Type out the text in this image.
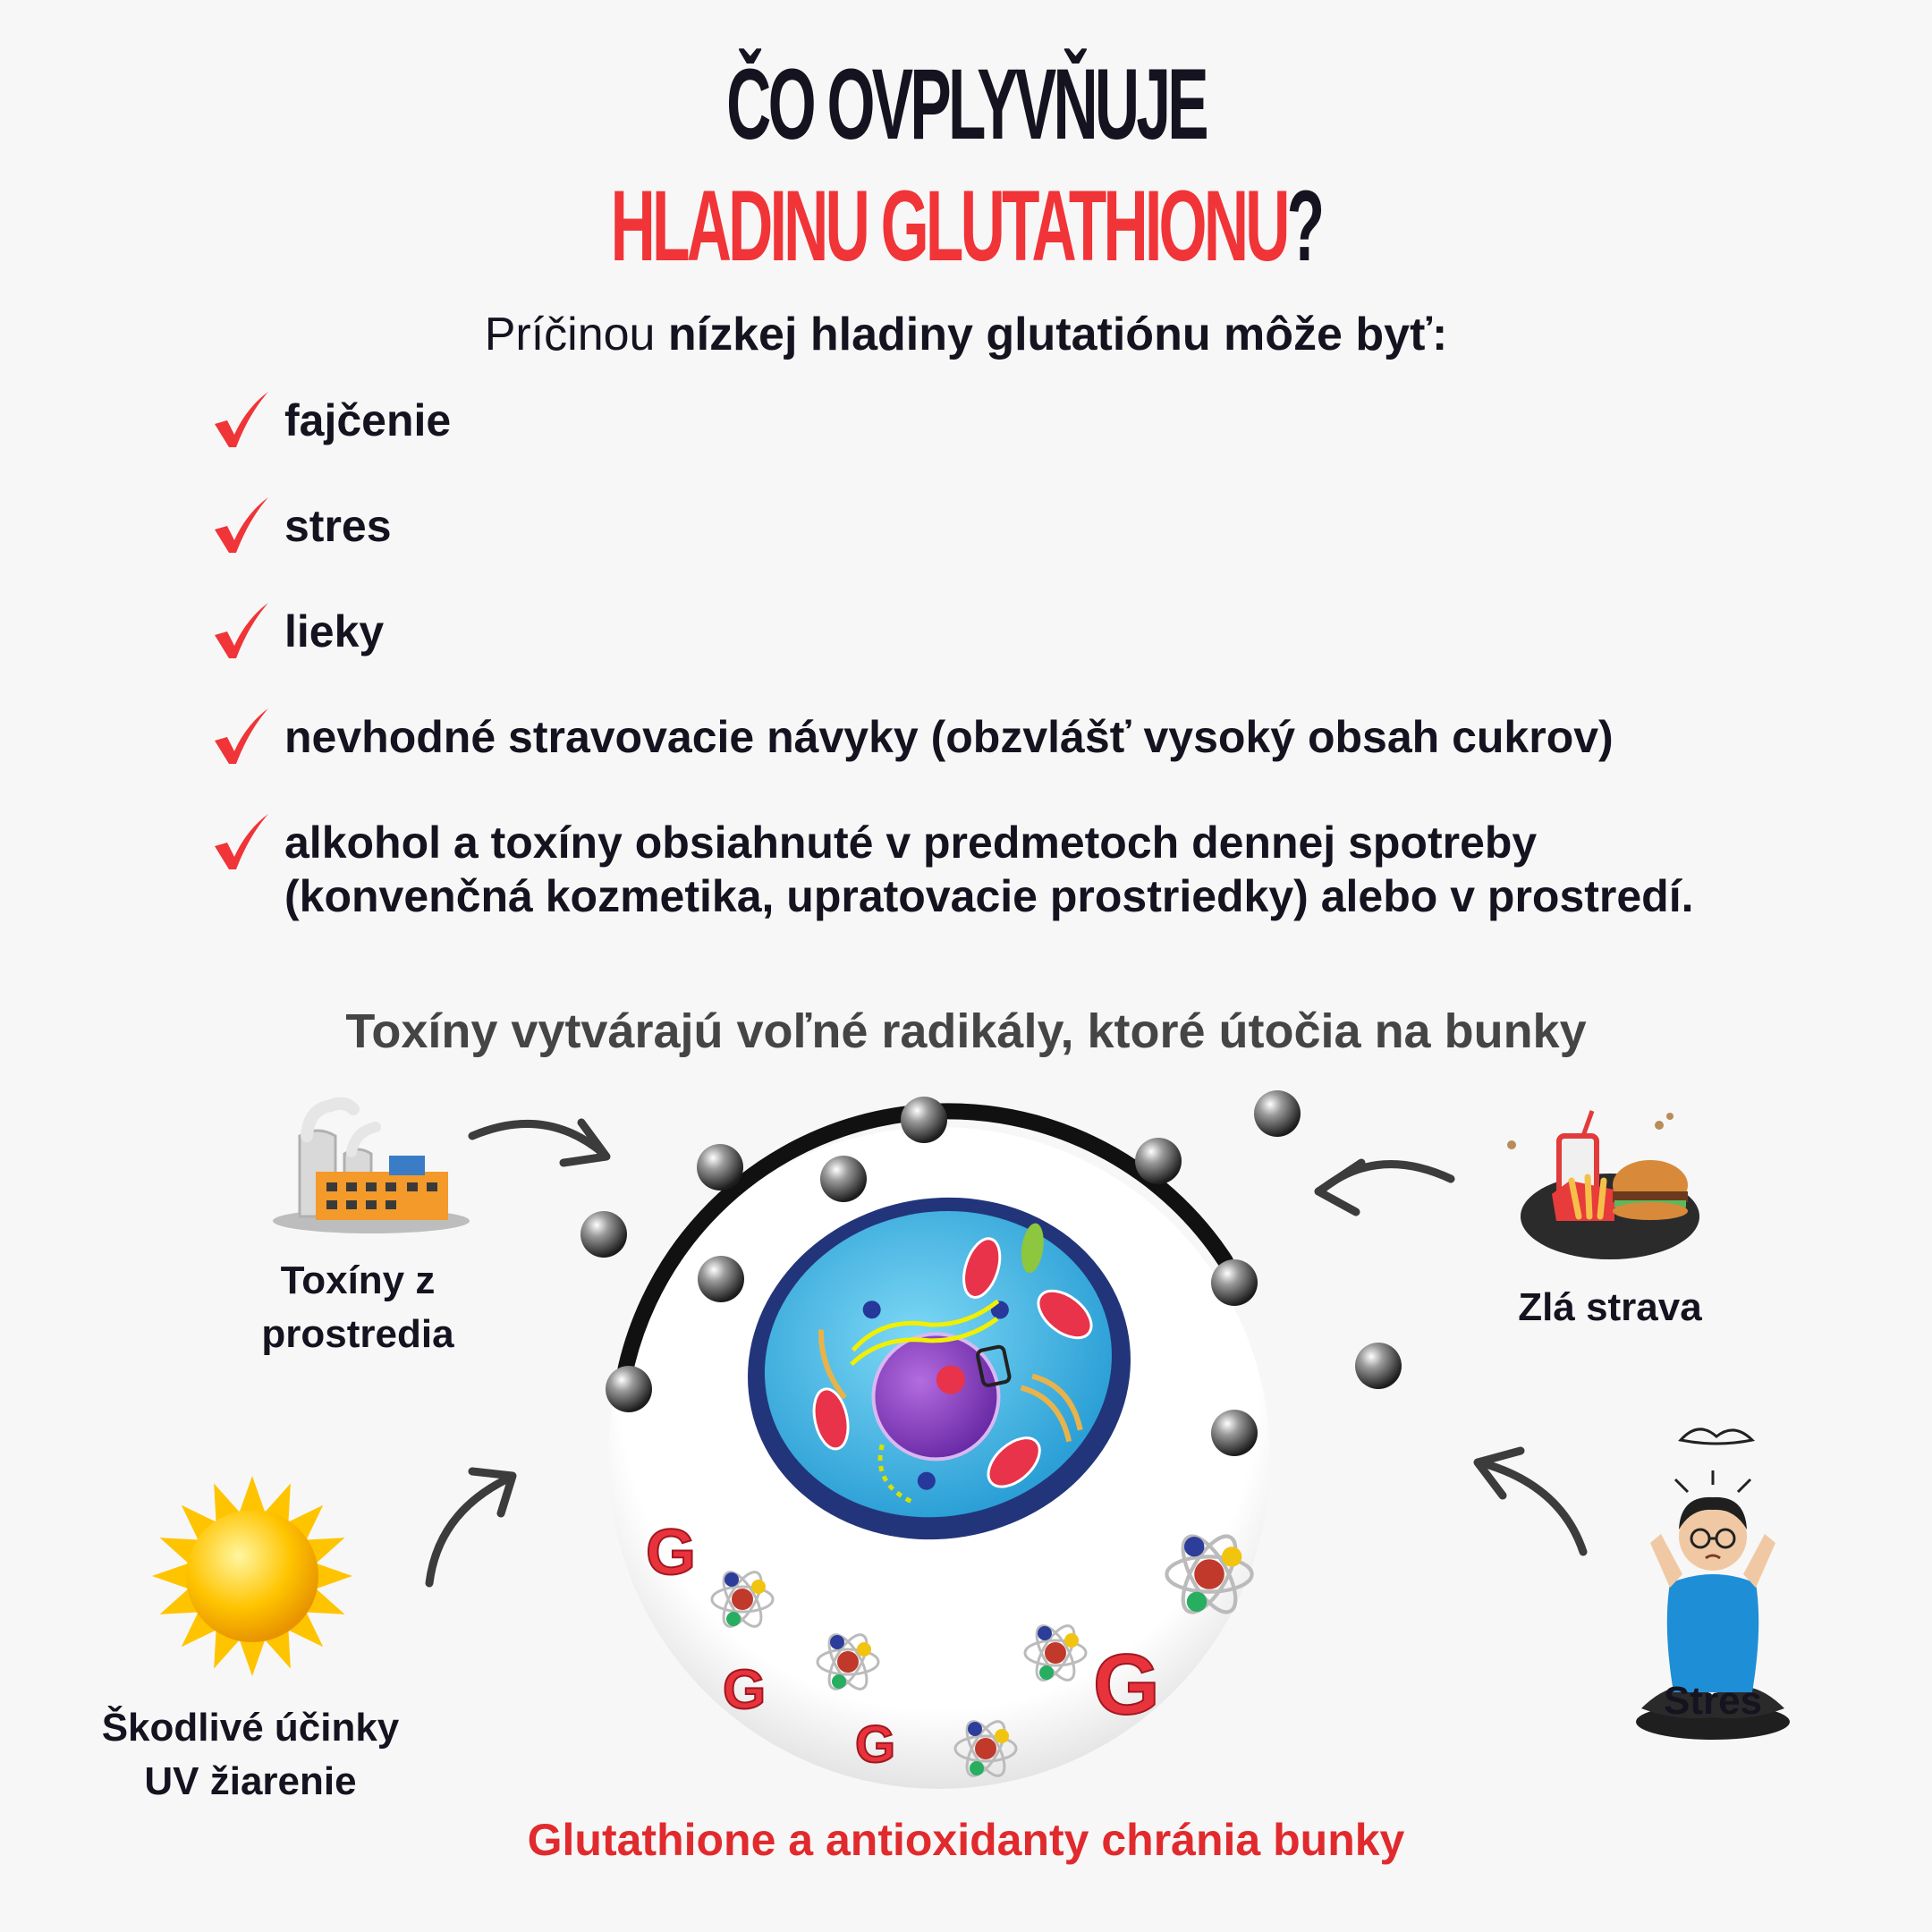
ČO OVPLYVŇUJE
HLADINU GLUTATHIONU?
Príčinou nízkej hladiny glutatiónu môže byť:
fajčenie
stres
lieky
nevhodné stravovacie návyky (obzvlášť vysoký obsah cukrov)
alkohol a toxíny obsiahnuté v predmetoch dennej spotreby
(konvenčná kozmetika, upratovacie prostriedky) alebo v prostredí.
Toxíny vytvárajú voľné radikály, ktoré útočia na bunky
G
G
G
G
Toxíny z
prostredia
Zlá strava
Škodlivé účinky
UV žiarenie
Stres
Glutathione a antioxidanty chránia bunky
